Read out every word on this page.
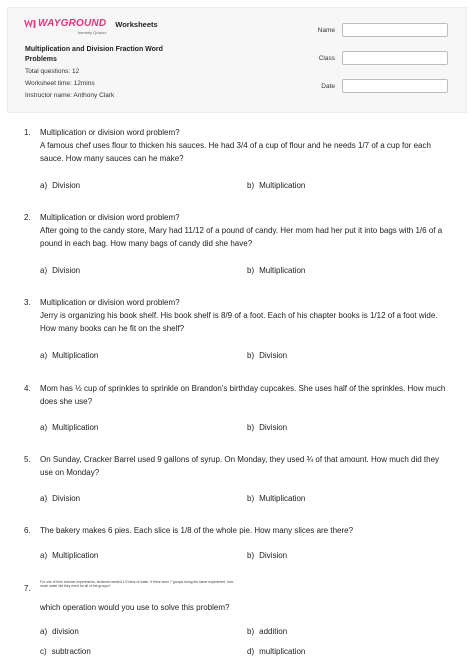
WAYGROUND
formerly Quizizz
Worksheets
Multiplication and Division Fraction Word Problems
Total questions: 12
Worksheet time: 12mins
Instructor name: Anthony Clark
Name
Class
Date
1. Multiplication or division word problem?
A famous chef uses flour to thicken his sauces. He had 3/4 of a cup of flour and he needs 1/7 of a cup for each sauce. How many sauces can he make?
a) Division	b) Multiplication
2. Multiplication or division word problem?
After going to the candy store, Mary had 11/12 of a pound of candy. Her mom had her put it into bags with 1/6 of a pound in each bag. How many bags of candy did she have?
a) Division	b) Multiplication
3. Multiplication or division word problem?
Jerry is organizing his book shelf. His book shelf is 8/9 of a foot. Each of his chapter books is 1/12 of a foot wide. How many books can he fit on the shelf?
a) Multiplication	b) Division
4. Mom has ½ cup of sprinkles to sprinkle on Brandon's birthday cupcakes. She uses half of the sprinkles. How much does she use?
a) Multiplication	b) Division
5. On Sunday, Cracker Barrel used 9 gallons of syrup. On Monday, they used ¾ of that amount. How much did they use on Monday?
a) Division	b) Multiplication
6. The bakery makes 6 pies. Each slice is 1/8 of the whole pie. How many slices are there?
a) Multiplication	b) Division
7.
For one of their science experiments, students needed 1/2 liters of water. If there were 7 groups doing the same experiment, how much water did they need for all of the groups?
which operation would you use to solve this problem?
a) division	b) addition
c) subtraction	d) multiplication
